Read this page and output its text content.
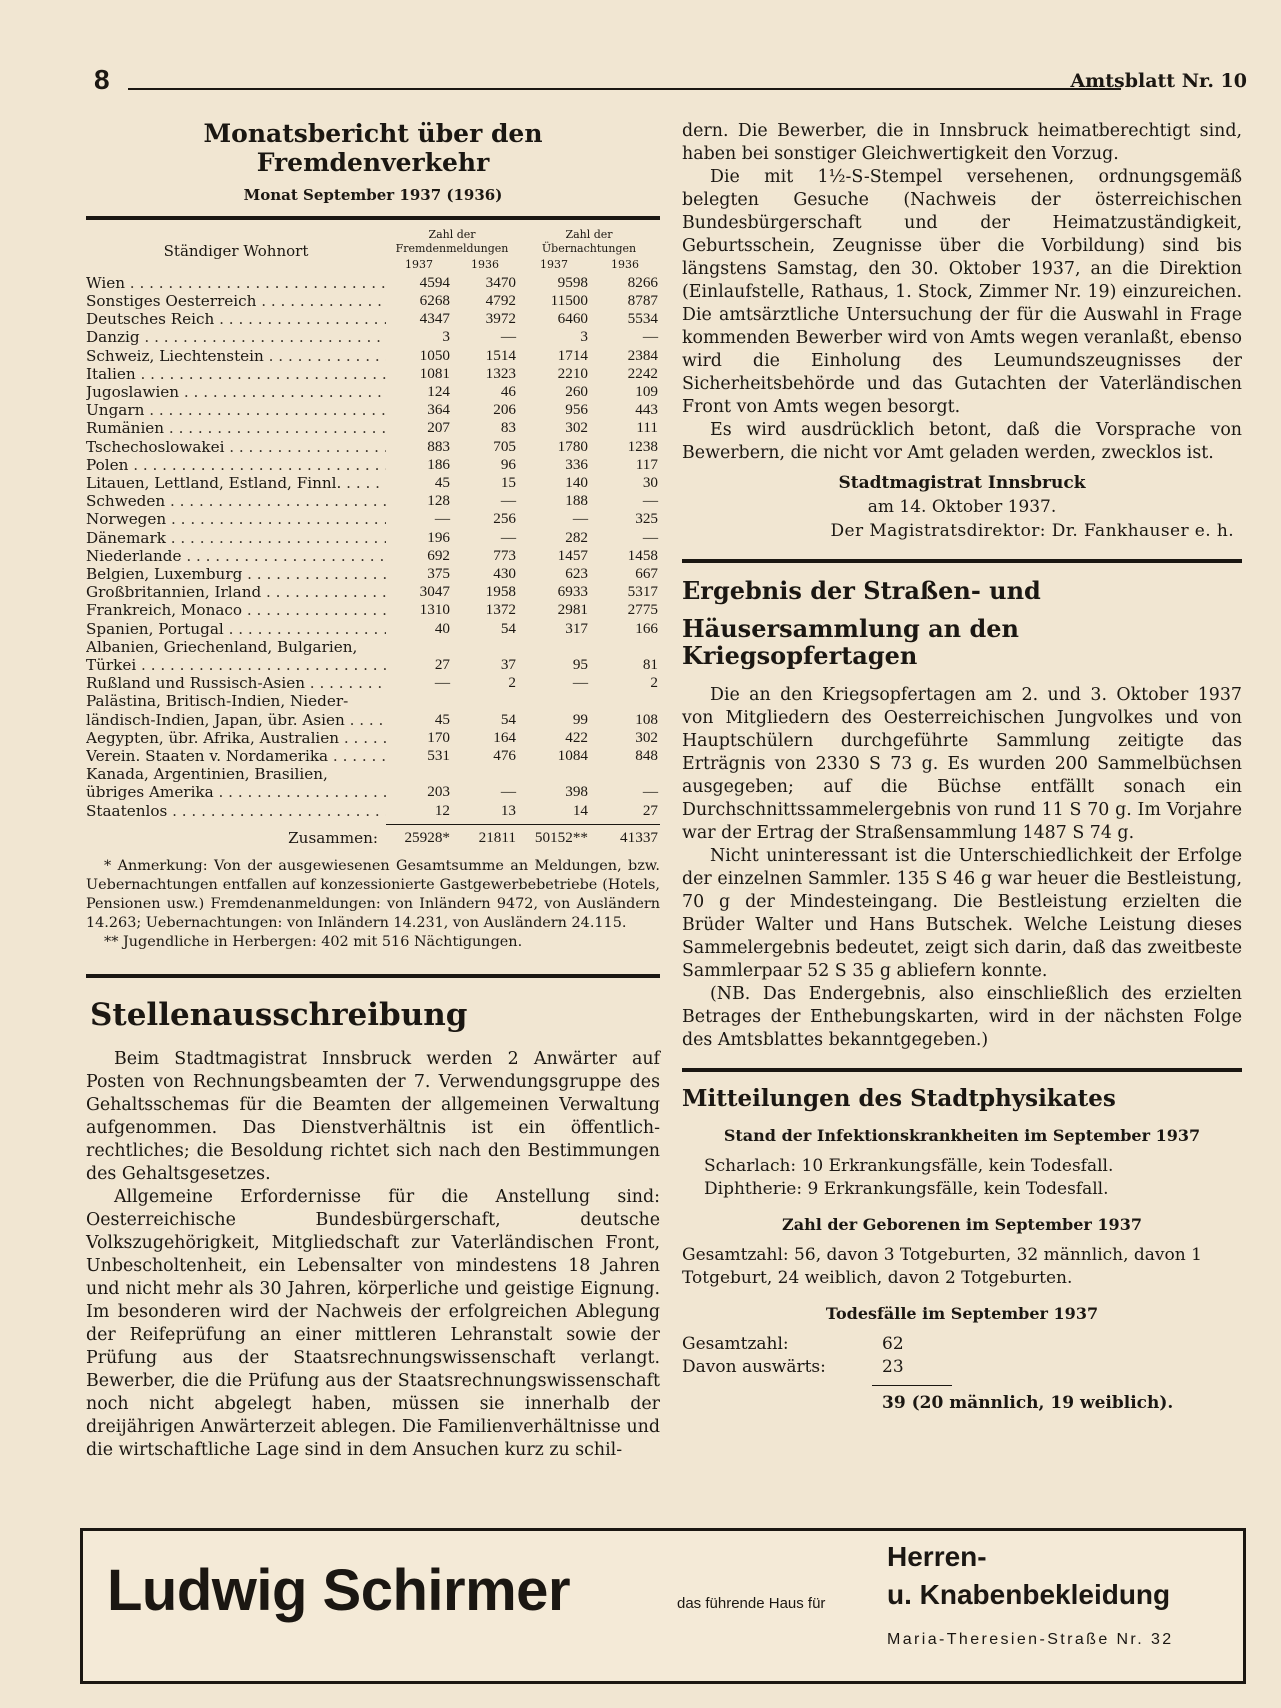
8	Amtsblatt Nr. 10
Monatsbericht über den Fremdenverkehr
Monat September 1937 (1936)
Ständiger Wohnort	Zahl der		Zahl der	
	Fremdenmeldungen		Übernachtungen	
	1937	1936	1937	1936
Wien . . .	4594	3470	9598	8266
Sonstiges Oesterreich . . .	6268	4792	11500	8787
Deutsches Reich . . .	4347	3972	6460	5534
Danzig . . .	3	—	3	—
Schweiz, Liechtenstein . . .	1050	1514	1714	2384
Italien . . .	1081	1323	2210	2242
Jugoslawien . . .	124	46	260	109
Ungarn . . .	364	206	956	443
Rumänien . . .	207	83	302	111
Tschechoslowakei . . .	883	705	1780	1238
Polen . . .	186	96	336	117
Litauen, Lettland, Estland, Finnl. . . .	45	15	140	30
Schweden . . .	128	—	188	—
Norwegen . . .	—	256	—	325
Dänemark . . .	196	—	282	—
Niederlande . . .	692	773	1457	1458
Belgien, Luxemburg . . .	375	430	623	667
Großbritannien, Irland . . .	3047	1958	6933	5317
Frankreich, Monaco . . .	1310	1372	2981	2775
Spanien, Portugal . . .	40	54	317	166
Albanien, Griechenland, Bulgarien,				
Türkei . . .	27	37	95	81
Rußland und Russisch-Asien . . .	—	2	—	2
Palästina, Britisch-Indien, Nieder-				
ländisch-Indien, Japan, übr. Asien . . .	45	54	99	108
Aegypten, übr. Afrika, Australien . . .	170	164	422	302
Verein. Staaten v. Nordamerika . . .	531	476	1084	848
Kanada, Argentinien, Brasilien,				
übriges Amerika . . .	203	—	398	—
Staatenlos . . .	12	13	14	27
Zusammen:	25928*	21811	50152**	41337

* Anmerkung: Von der ausgewiesenen Gesamtsumme an Meldungen, bzw. Uebernachtungen entfallen auf konzessionierte Gastgewerbebetriebe (Hotels, Pensionen usw.) Fremdenanmeldungen: von Inländern 9472, von Ausländern 14.263; Uebernachtungen: von Inländern 14.231, von Ausländern 24.115.

** Jugendliche in Herbergen: 402 mit 516 Nächtigungen.

Stellenausschreibung

Beim Stadtmagistrat Innsbruck werden 2 Anwärter auf Posten von Rechnungsbeamten der 7. Verwendungsgruppe des Gehaltsschemas für die Beamten der allgemeinen Verwaltung aufgenommen. Das Dienstverhältnis ist ein öffentlich-rechtliches; die Besoldung richtet sich nach den Bestimmungen des Gehaltsgesetzes.

Allgemeine Erfordernisse für die Anstellung sind: Oesterreichische Bundesbürgerschaft, deutsche Volkszugehörigkeit, Mitgliedschaft zur Vaterländischen Front, Unbescholtenheit, ein Lebensalter von mindestens 18 Jahren und nicht mehr als 30 Jahren, körperliche und geistige Eignung. Im besonderen wird der Nachweis der erfolgreichen Ablegung der Reifeprüfung an einer mittleren Lehranstalt sowie der Prüfung aus der Staatsrechnungswissenschaft verlangt. Bewerber, die die Prüfung aus der Staatsrechnungswissenschaft noch nicht abgelegt haben, müssen sie innerhalb der dreijährigen Anwärterzeit ablegen. Die Familienverhältnisse und die wirtschaftliche Lage sind in dem Ansuchen kurz zu schil-

dern. Die Bewerber, die in Innsbruck heimatberechtigt sind, haben bei sonstiger Gleichwertigkeit den Vorzug.

Die mit 1½-S-Stempel versehenen, ordnungsgemäß belegten Gesuche (Nachweis der österreichischen Bundesbürgerschaft und der Heimatzuständigkeit, Geburtsschein, Zeugnisse über die Vorbildung) sind bis längstens Samstag, den 30. Oktober 1937, an die Direktion (Einlaufstelle, Rathaus, 1. Stock, Zimmer Nr. 19) einzureichen. Die amtsärztliche Untersuchung der für die Auswahl in Frage kommenden Bewerber wird von Amts wegen veranlaßt, ebenso wird die Einholung des Leumundszeugnisses der Sicherheitsbehörde und das Gutachten der Vaterländischen Front von Amts wegen besorgt.

Es wird ausdrücklich betont, daß die Vorsprache von Bewerbern, die nicht vor Amt geladen werden, zwecklos ist.

Stadtmagistrat Innsbruck
am 14. Oktober 1937.
Der Magistratsdirektor: Dr. Fankhauser e. h.
Ergebnis der Straßen- und
Häusersammlung an den Kriegsopfertagen

Die an den Kriegsopfertagen am 2. und 3. Oktober 1937 von Mitgliedern des Oesterreichischen Jungvolkes und von Hauptschülern durchgeführte Sammlung zeitigte das Erträgnis von 2330 S 73 g. Es wurden 200 Sammelbüchsen ausgegeben; auf die Büchse entfällt sonach ein Durchschnittssammelergebnis von rund 11 S 70 g. Im Vorjahre war der Ertrag der Straßensammlung 1487 S 74 g.

Nicht uninteressant ist die Unterschiedlichkeit der Erfolge der einzelnen Sammler. 135 S 46 g war heuer die Bestleistung, 70 g der Mindesteingang. Die Bestleistung erzielten die Brüder Walter und Hans Butschek. Welche Leistung dieses Sammelergebnis bedeutet, zeigt sich darin, daß das zweitbeste Sammlerpaar 52 S 35 g abliefern konnte.

(NB. Das Endergebnis, also einschließlich des erzielten Betrages der Enthebungskarten, wird in der nächsten Folge des Amtsblattes bekanntgegeben.)

Mitteilungen des Stadtphysikates
Stand der Infektionskrankheiten im September 1937
Scharlach: 10 Erkrankungsfälle, kein Todesfall.
Diphtherie: 9 Erkrankungsfälle, kein Todesfall.
Zahl der Geborenen im September 1937
Gesamtzahl: 56, davon 3 Totgeburten, 32 männlich, davon 1 Totgeburt, 24 weiblich, davon 2 Totgeburten.
Todesfälle im September 1937
Gesamtzahl:	62
Davon auswärts:	23
39 (20 männlich, 19 weiblich).
Ludwig Schirmer	das führende Haus für
Herren-
u. Knabenbekleidung
Maria-Theresien-Straße Nr. 32
